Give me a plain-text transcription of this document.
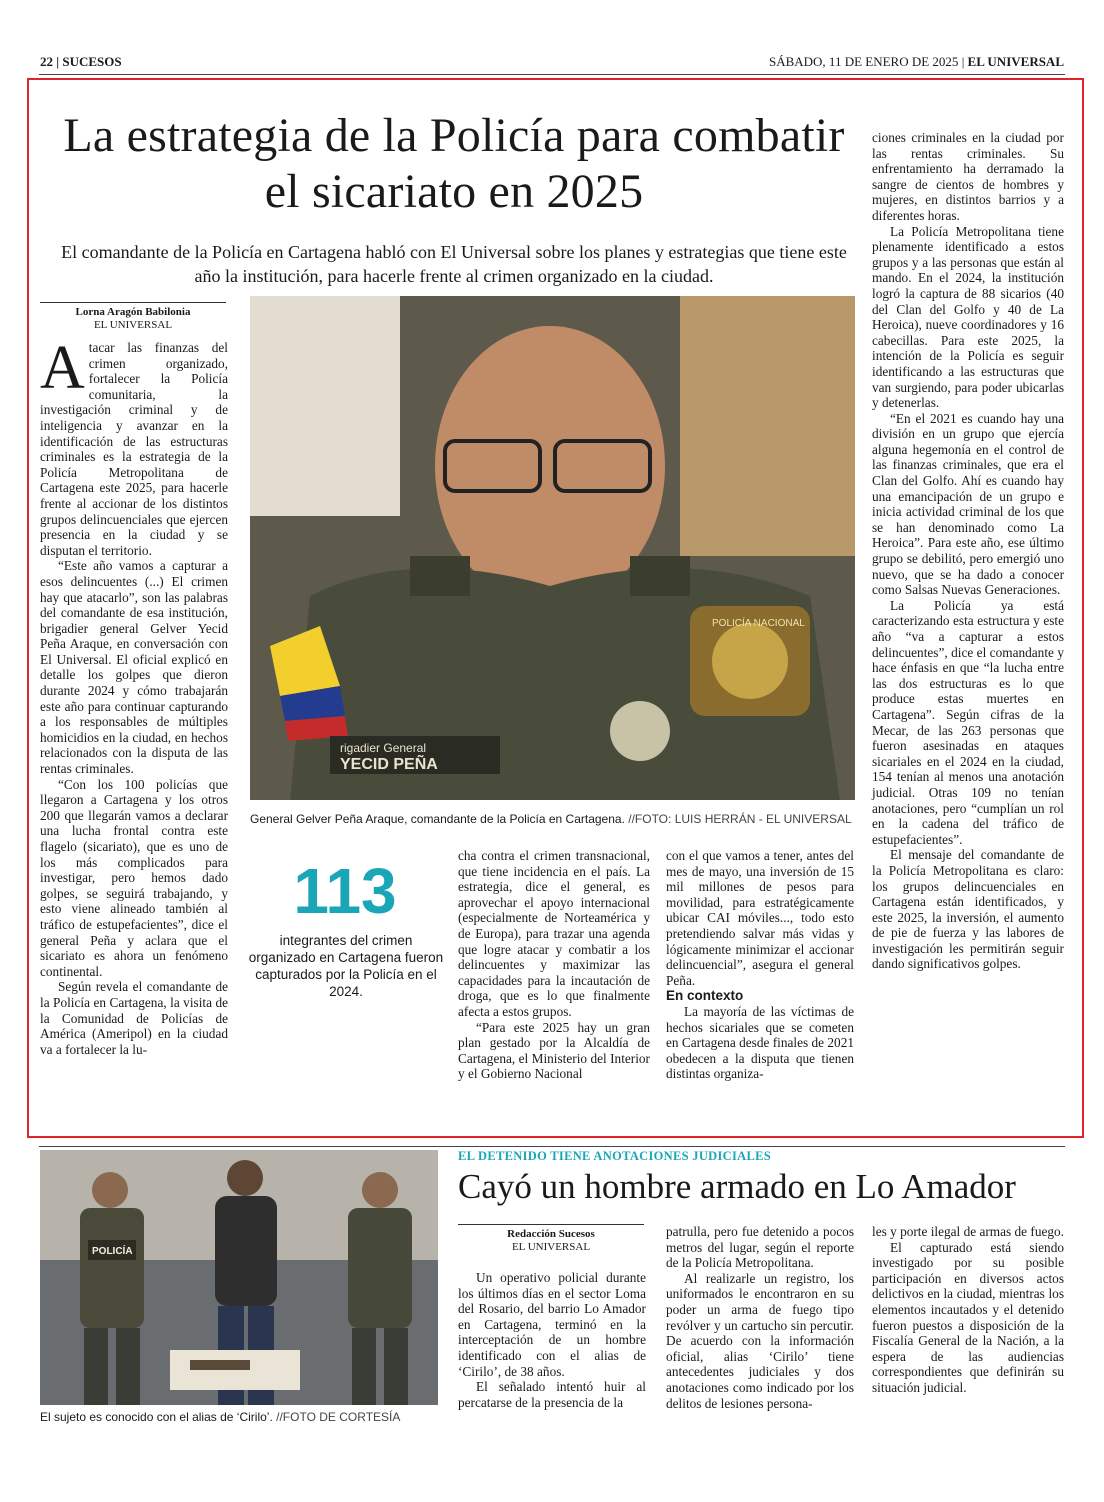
22 | SUCESOS	SÁBADO, 11 DE ENERO DE 2025 | EL UNIVERSAL
La estrategia de la Policía para combatir el sicariato en 2025
El comandante de la Policía en Cartagena habló con El Universal sobre los planes y estrategias que tiene este año la institución, para hacerle frente al crimen organizado en la ciudad.
Lorna Aragón Babilonia
EL UNIVERSAL

Atacar las finanzas del crimen organizado, fortalecer la Policía comunitaria, la investigación criminal y de inteligencia y avanzar en la identificación de las estructuras criminales es la estrategia de la Policía Metropolitana de Cartagena este 2025, para hacerle frente al accionar de los distintos grupos delincuenciales que ejercen presencia en la ciudad y se disputan el territorio.

“Este año vamos a capturar a esos delincuentes (...) El crimen hay que atacarlo”, son las palabras del comandante de esa institución, brigadier general Gelver Yecid Peña Araque, en conversación con El Universal. El oficial explicó en detalle los golpes que dieron durante 2024 y cómo trabajarán este año para continuar capturando a los responsables de múltiples homicidios en la ciudad, en hechos relacionados con la disputa de las rentas criminales.

“Con los 100 policías que llegaron a Cartagena y los otros 200 que llegarán vamos a declarar una lucha frontal contra este flagelo (sicariato), que es uno de los más complicados para investigar, pero hemos dado golpes, se seguirá trabajando, y esto viene alineado también al tráfico de estupefacientes”, dice el general Peña y aclara que el sicariato es ahora un fenómeno continental.

Según revela el comandante de la Policía en Cartagena, la visita de la Comunidad de Policías de América (Ameripol) en la ciudad va a fortalecer la lu-

rigadier General
YECID PEÑA
POLICÍA NACIONAL
General Gelver Peña Araque, comandante de la Policía en Cartagena. //FOTO: LUIS HERRÁN - EL UNIVERSAL
113
integrantes del crimen organizado en Cartagena fueron capturados por la Policía en el 2024.

cha contra el crimen transnacional, que tiene incidencia en el país. La estrategia, dice el general, es aprovechar el apoyo internacional (especialmente de Norteamérica y de Europa), para trazar una agenda que logre atacar y combatir a los delincuentes y maximizar las capacidades para la incautación de droga, que es lo que finalmente afecta a estos grupos.

“Para este 2025 hay un gran plan gestado por la Alcaldía de Cartagena, el Ministerio del Interior y el Gobierno Nacional

con el que vamos a tener, antes del mes de mayo, una inversión de 15 mil millones de pesos para movilidad, para estratégicamente ubicar CAI móviles..., todo esto pretendiendo salvar más vidas y lógicamente minimizar el accionar delincuencial”, asegura el general Peña.

En contexto

La mayoría de las víctimas de hechos sicariales que se cometen en Cartagena desde finales de 2021 obedecen a la disputa que tienen distintas organiza-

ciones criminales en la ciudad por las rentas criminales. Su enfrentamiento ha derramado la sangre de cientos de hombres y mujeres, en distintos barrios y a diferentes horas.

La Policía Metropolitana tiene plenamente identificado a estos grupos y a las personas que están al mando. En el 2024, la institución logró la captura de 88 sicarios (40 del Clan del Golfo y 40 de La Heroica), nueve coordinadores y 16 cabecillas. Para este 2025, la intención de la Policía es seguir identificando a las estructuras que van surgiendo, para poder ubicarlas y detenerlas.

“En el 2021 es cuando hay una división en un grupo que ejercía alguna hegemonía en el control de las finanzas criminales, que era el Clan del Golfo. Ahí es cuando hay una emancipación de un grupo e inicia actividad criminal de los que se han denominado como La Heroica”. Para este año, ese último grupo se debilitó, pero emergió uno nuevo, que se ha dado a conocer como Salsas Nuevas Generaciones.

La Policía ya está caracterizando esta estructura y este año “va a capturar a estos delincuentes”, dice el comandante y hace énfasis en que “la lucha entre las dos estructuras es lo que produce estas muertes en Cartagena”. Según cifras de la Mecar, de las 263 personas que fueron asesinadas en ataques sicariales en el 2024 en la ciudad, 154 tenían al menos una anotación judicial. Otras 109 no tenían anotaciones, pero “cumplían un rol en la cadena del tráfico de estupefacientes”.

El mensaje del comandante de la Policía Metropolitana es claro: los grupos delincuenciales en Cartagena están identificados, y este 2025, la inversión, el aumento de pie de fuerza y las labores de investigación les permitirán seguir dando significativos golpes.

POLICÍA
El sujeto es conocido con el alias de ‘Cirilo’. //FOTO DE CORTESÍA
EL DETENIDO TIENE ANOTACIONES JUDICIALES
Cayó un hombre armado en Lo Amador
Redacción Sucesos
EL UNIVERSAL

Un operativo policial durante los últimos días en el sector Loma del Rosario, del barrio Lo Amador en Cartagena, terminó en la interceptación de un hombre identificado con el alias de ‘Cirilo’, de 38 años.

El señalado intentó huir al percatarse de la presencia de la

patrulla, pero fue detenido a pocos metros del lugar, según el reporte de la Policía Metropolitana.

Al realizarle un registro, los uniformados le encontraron en su poder un arma de fuego tipo revólver y un cartucho sin percutir. De acuerdo con la información oficial, alias ‘Cirilo’ tiene antecedentes judiciales y dos anotaciones como indicado por los delitos de lesiones persona-

les y porte ilegal de armas de fuego.

El capturado está siendo investigado por su posible participación en diversos actos delictivos en la ciudad, mientras los elementos incautados y el detenido fueron puestos a disposición de la Fiscalía General de la Nación, a la espera de las audiencias correspondientes que definirán su situación judicial.
